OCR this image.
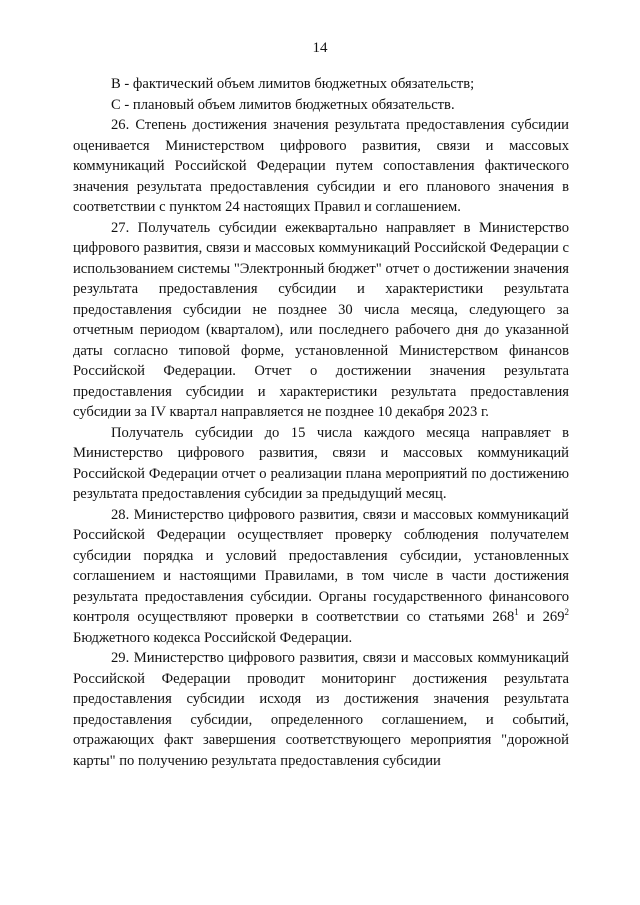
14

В - фактический объем лимитов бюджетных обязательств;

С - плановый объем лимитов бюджетных обязательств.

26. Степень достижения значения результата предоставления субсидии оценивается Министерством цифрового развития, связи и массовых коммуникаций Российской Федерации путем сопоставления фактического значения результата предоставления субсидии и его планового значения в соответствии с пунктом 24 настоящих Правил и соглашением.

27. Получатель субсидии ежеквартально направляет в Министерство цифрового развития, связи и массовых коммуникаций Российской Федерации с использованием системы "Электронный бюджет" отчет о достижении значения результата предоставления субсидии и характеристики результата предоставления субсидии не позднее 30 числа месяца, следующего за отчетным периодом (кварталом), или последнего рабочего дня до указанной даты согласно типовой форме, установленной Министерством финансов Российской Федерации. Отчет о достижении значения результата предоставления субсидии и характеристики результата предоставления субсидии за IV квартал направляется не позднее 10 декабря 2023 г.

Получатель субсидии до 15 числа каждого месяца направляет в Министерство цифрового развития, связи и массовых коммуникаций Российской Федерации отчет о реализации плана мероприятий по достижению результата предоставления субсидии за предыдущий месяц.

28. Министерство цифрового развития, связи и массовых коммуникаций Российской Федерации осуществляет проверку соблюдения получателем субсидии порядка и условий предоставления субсидии, установленных соглашением и настоящими Правилами, в том числе в части достижения результата предоставления субсидии. Органы государственного финансового контроля осуществляют проверки в соответствии со статьями $268^1$ и $269^2$ Бюджетного кодекса Российской Федерации.

29. Министерство цифрового развития, связи и массовых коммуникаций Российской Федерации проводит мониторинг достижения результата предоставления субсидии исходя из достижения значения результата предоставления субсидии, определенного соглашением, и событий, отражающих факт завершения соответствующего мероприятия "дорожной карты" по получению результата предоставления субсидии
